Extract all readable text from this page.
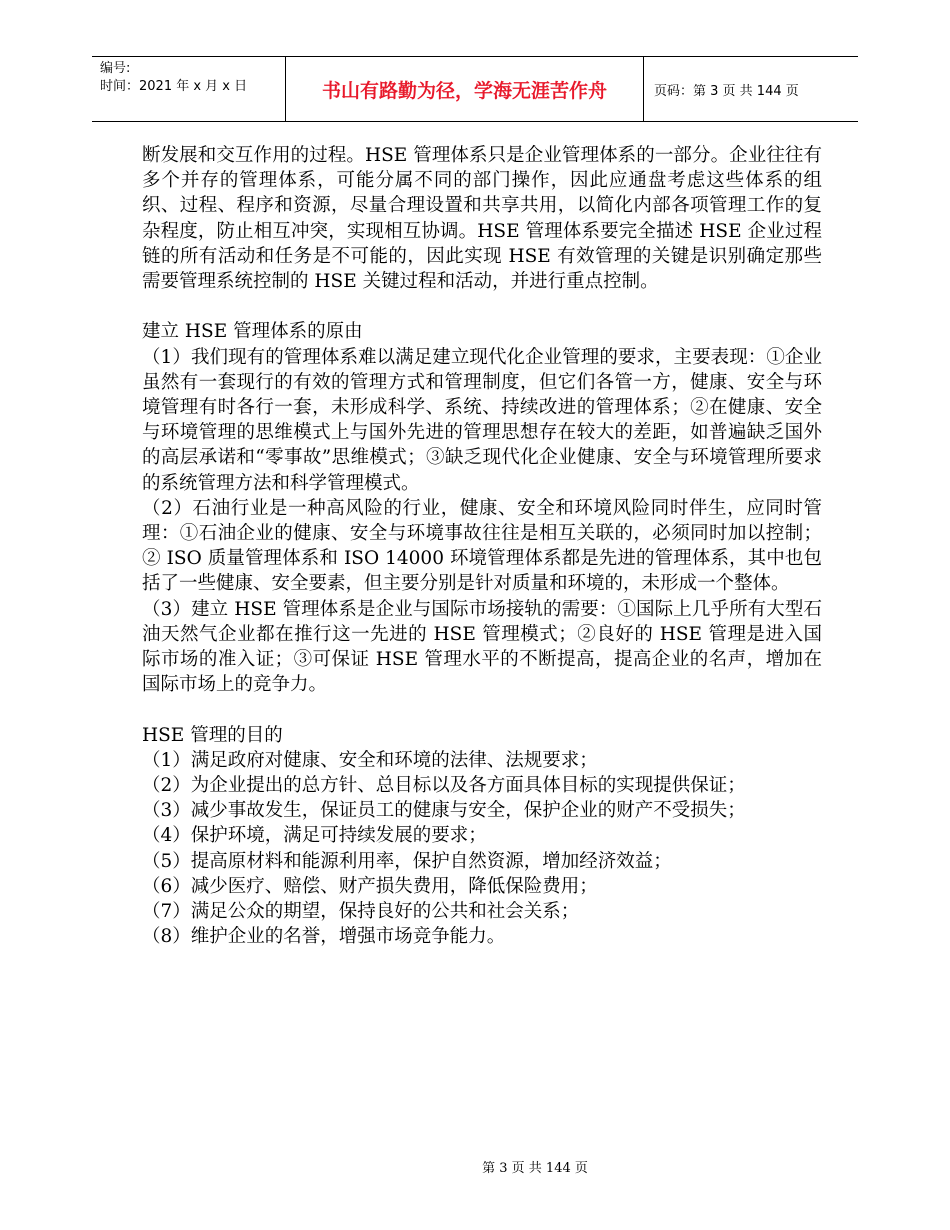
编号:
时间：2021 年 x 月 x 日	书山有路勤为径，学海无涯苦作舟	页码：第 3 页 共 144 页

断发展和交互作用的过程。HSE 管理体系只是企业管理体系的一部分。企业往往有多个并存的管理体系，可能分属不同的部门操作，因此应通盘考虑这些体系的组织、过程、程序和资源，尽量合理设置和共享共用，以简化内部各项管理工作的复杂程度，防止相互冲突，实现相互协调。HSE 管理体系要完全描述 HSE 企业过程链的所有活动和任务是不可能的，因此实现 HSE 有效管理的关键是识别确定那些需要管理系统控制的 HSE 关键过程和活动，并进行重点控制。

建立 HSE 管理体系的原由

（1）我们现有的管理体系难以满足建立现代化企业管理的要求，主要表现：①企业虽然有一套现行的有效的管理方式和管理制度，但它们各管一方，健康、安全与环境管理有时各行一套，未形成科学、系统、持续改进的管理体系；②在健康、安全与环境管理的思维模式上与国外先进的管理思想存在较大的差距，如普遍缺乏国外的高层承诺和“零事故”思维模式；③缺乏现代化企业健康、安全与环境管理所要求的系统管理方法和科学管理模式。

（2）石油行业是一种高风险的行业，健康、安全和环境风险同时伴生，应同时管理：①石油企业的健康、安全与环境事故往往是相互关联的，必须同时加以控制；② ISO 质量管理体系和 ISO 14000 环境管理体系都是先进的管理体系，其中也包括了一些健康、安全要素，但主要分别是针对质量和环境的，未形成一个整体。

（3）建立 HSE 管理体系是企业与国际市场接轨的需要：①国际上几乎所有大型石油天然气企业都在推行这一先进的 HSE 管理模式；②良好的 HSE 管理是进入国际市场的准入证；③可保证 HSE 管理水平的不断提高，提高企业的名声，增加在国际市场上的竞争力。

HSE 管理的目的

（1）满足政府对健康、安全和环境的法律、法规要求；

（2）为企业提出的总方针、总目标以及各方面具体目标的实现提供保证；

（3）减少事故发生，保证员工的健康与安全，保护企业的财产不受损失；

（4）保护环境，满足可持续发展的要求；

（5）提高原材料和能源利用率，保护自然资源，增加经济效益；

（6）减少医疗、赔偿、财产损失费用，降低保险费用；

（7）满足公众的期望，保持良好的公共和社会关系；

（8）维护企业的名誉，增强市场竞争能力。

第 3 页 共 144 页
